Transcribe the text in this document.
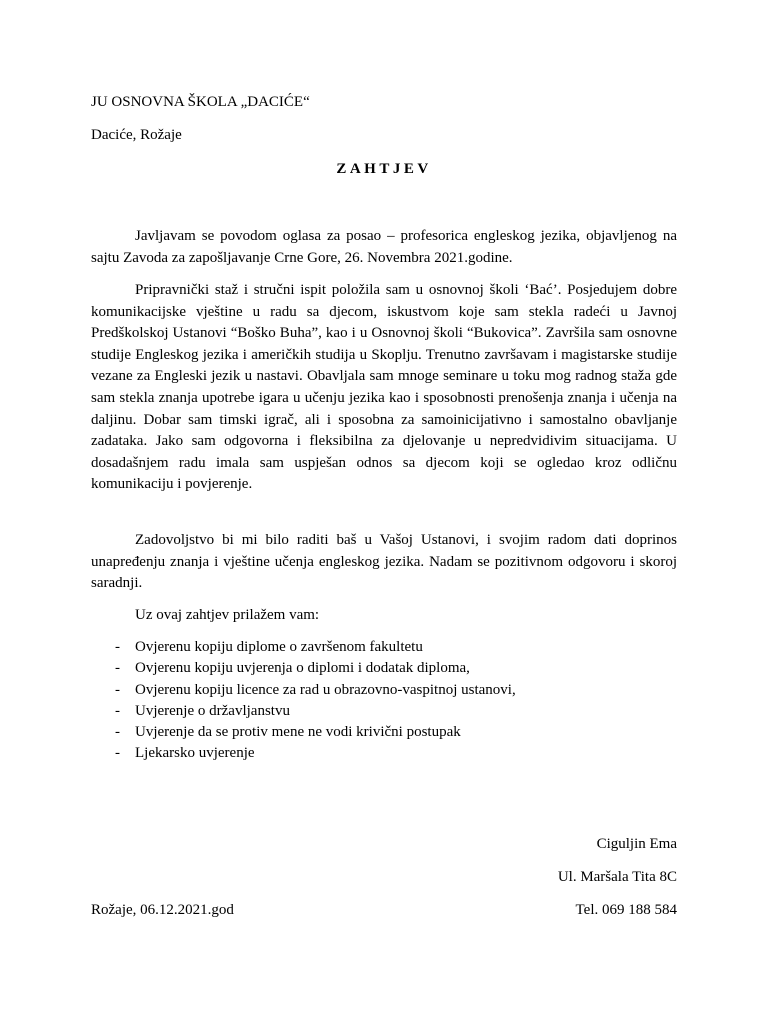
JU OSNOVNA ŠKOLA „DACIĆE“
Daciće, Rožaje
ZAHTJEV
Javljavam se povodom oglasa za posao – profesorica engleskog jezika, objavljenog na sajtu Zavoda za zapošljavanje Crne Gore, 26. Novembra 2021.godine.
Pripravnički staž i stručni ispit položila sam u osnovnoj školi ‘Bać’. Posjedujem dobre komunikacijske vještine u radu sa djecom, iskustvom koje sam stekla radeći u Javnoj Predškolskoj Ustanovi “Boško Buha”, kao i u Osnovnoj školi “Bukovica”. Završila sam osnovne studije Engleskog jezika i američkih studija u Skoplju. Trenutno završavam i magistarske studije vezane za Engleski jezik u nastavi. Obavljala sam mnoge seminare u toku mog radnog staža gde sam stekla znanja upotrebe igara u učenju jezika kao i sposobnosti prenošenja znanja i učenja na daljinu. Dobar sam timski igrač, ali i sposobna za samoinicijativno i samostalno obavljanje zadataka. Jako sam odgovorna i fleksibilna za djelovanje u nepredvidivim situacijama. U dosadašnjem radu imala sam uspješan odnos sa djecom koji se ogledao kroz odličnu komunikaciju i povjerenje.
Zadovoljstvo bi mi bilo raditi baš u Vašoj Ustanovi, i svojim radom dati doprinos unapređenju znanja i vještine učenja engleskog jezika. Nadam se pozitivnom odgovoru i skoroj saradnji.
Uz ovaj zahtjev prilažem vam:
- Ovjerenu kopiju diplome o završenom fakultetu
- Ovjerenu kopiju uvjerenja o diplomi i dodatak diploma,
- Ovjerenu kopiju licence za rad u obrazovno-vaspitnoj ustanovi,
- Uvjerenje o državljanstvu
- Uvjerenje da se protiv mene ne vodi krivični postupak
- Ljekarsko uvjerenje
Ciguljin Ema
Ul. Maršala Tita 8C
Tel. 069 188 584
Rožaje, 06.12.2021.god
